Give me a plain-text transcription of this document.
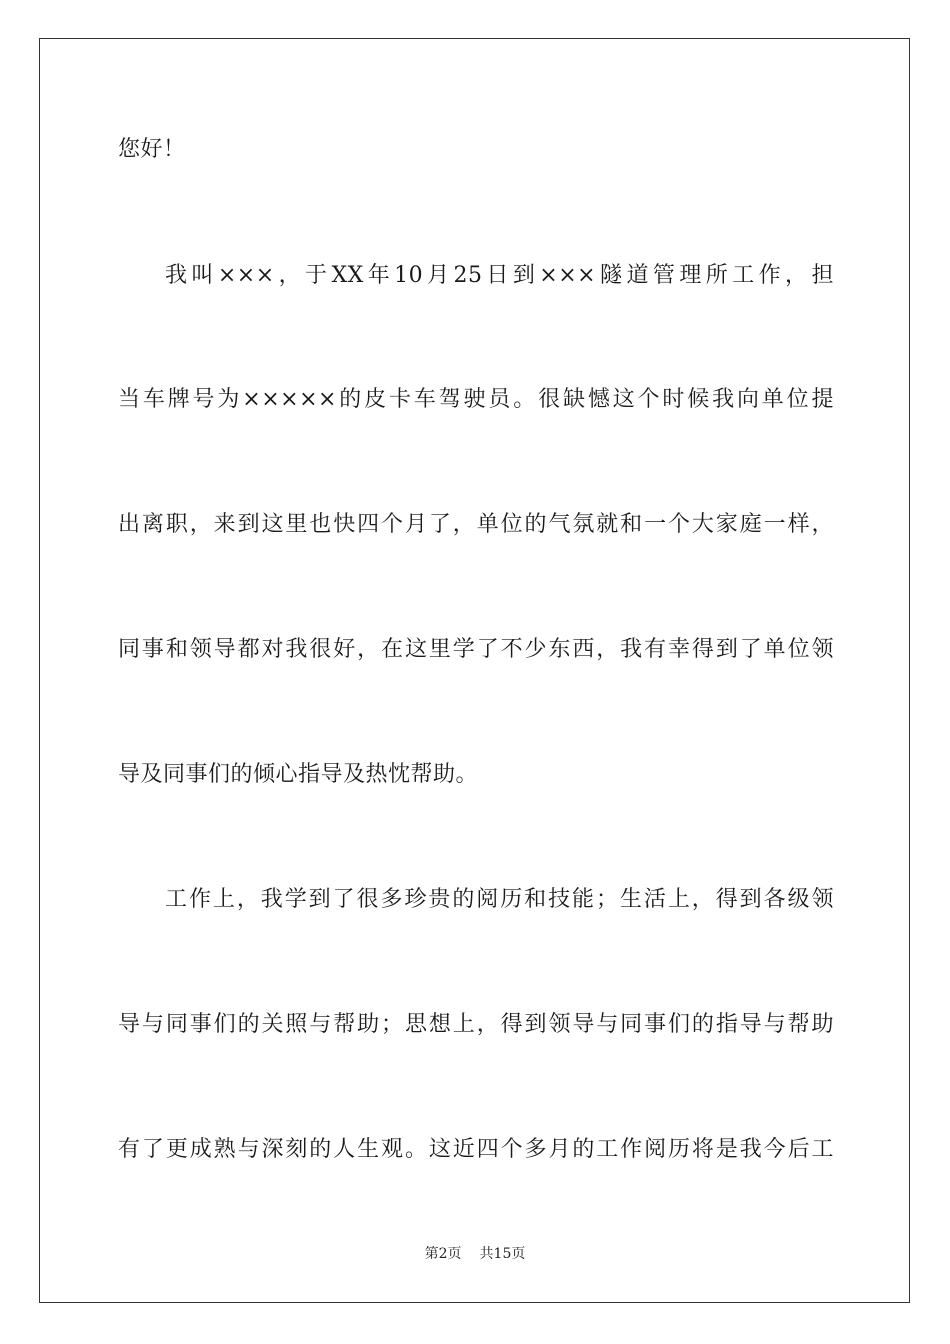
您好！
我叫×××，于XX年10月25日到×××隧道管理所工作，担
当车牌号为×××××的皮卡车驾驶员。很缺憾这个时候我向单位提
出离职，来到这里也快四个月了，单位的气氛就和一个大家庭一样，
同事和领导都对我很好，在这里学了不少东西，我有幸得到了单位领
导及同事们的倾心指导及热忱帮助。
工作上，我学到了很多珍贵的阅历和技能；生活上，得到各级领
导与同事们的关照与帮助；思想上，得到领导与同事们的指导与帮助
有了更成熟与深刻的人生观。这近四个多月的工作阅历将是我今后工
第2页 共15页
